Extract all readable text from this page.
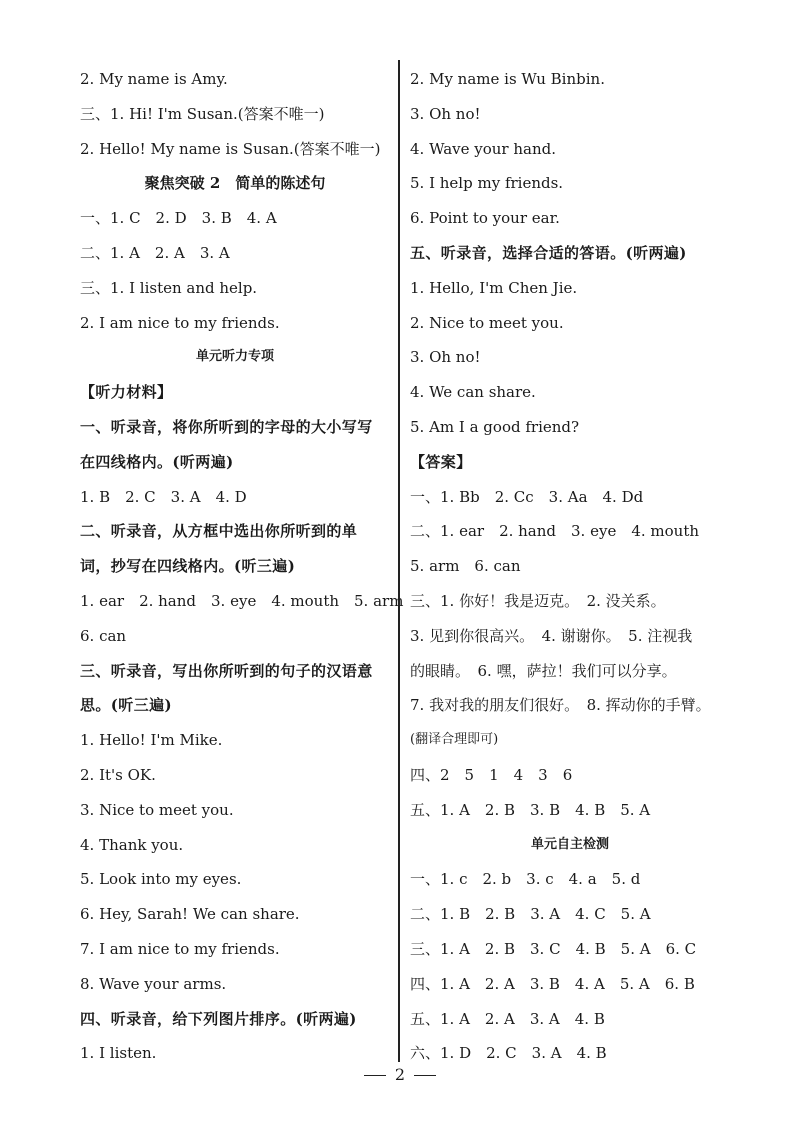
2. My name is Amy.
三、1. Hi! I'm Susan.(答案不唯一)
2. Hello! My name is Susan.(答案不唯一)
聚焦突破 2　简单的陈述句
一、1. C　2. D　3. B　4. A
二、1. A　2. A　3. A
三、1. I listen and help.
2. I am nice to my friends.
单元听力专项
【听力材料】
一、听录音，将你所听到的字母的大小写写
在四线格内。(听两遍)
1. B　2. C　3. A　4. D
二、听录音，从方框中选出你所听到的单
词，抄写在四线格内。(听三遍)
1. ear　2. hand　3. eye　4. mouth　5. arm
6. can
三、听录音，写出你所听到的句子的汉语意
思。(听三遍)
1. Hello! I'm Mike.
2. It's OK.
3. Nice to meet you.
4. Thank you.
5. Look into my eyes.
6. Hey, Sarah! We can share.
7. I am nice to my friends.
8. Wave your arms.
四、听录音，给下列图片排序。(听两遍)
1. I listen.
2. My name is Wu Binbin.
3. Oh no!
4. Wave your hand.
5. I help my friends.
6. Point to your ear.
五、听录音，选择合适的答语。(听两遍)
1. Hello, I'm Chen Jie.
2. Nice to meet you.
3. Oh no!
4. We can share.
5. Am I a good friend?
【答案】
一、1. Bb　2. Cc　3. Aa　4. Dd
二、1. ear　2. hand　3. eye　4. mouth
5. arm　6. can
三、1. 你好！我是迈克。　2. 没关系。
3. 见到你很高兴。　4. 谢谢你。　5. 注视我
的眼睛。　6. 嘿，萨拉！我们可以分享。
7. 我对我的朋友们很好。　8. 挥动你的手臂。
(翻译合理即可)
四、2　5　1　4　3　6
五、1. A　2. B　3. B　4. B　5. A
单元自主检测
一、1. c　2. b　3. c　4. a　5. d
二、1. B　2. B　3. A　4. C　5. A
三、1. A　2. B　3. C　4. B　5. A　6. C
四、1. A　2. A　3. B　4. A　5. A　6. B
五、1. A　2. A　3. A　4. B
六、1. D　2. C　3. A　4. B
2
